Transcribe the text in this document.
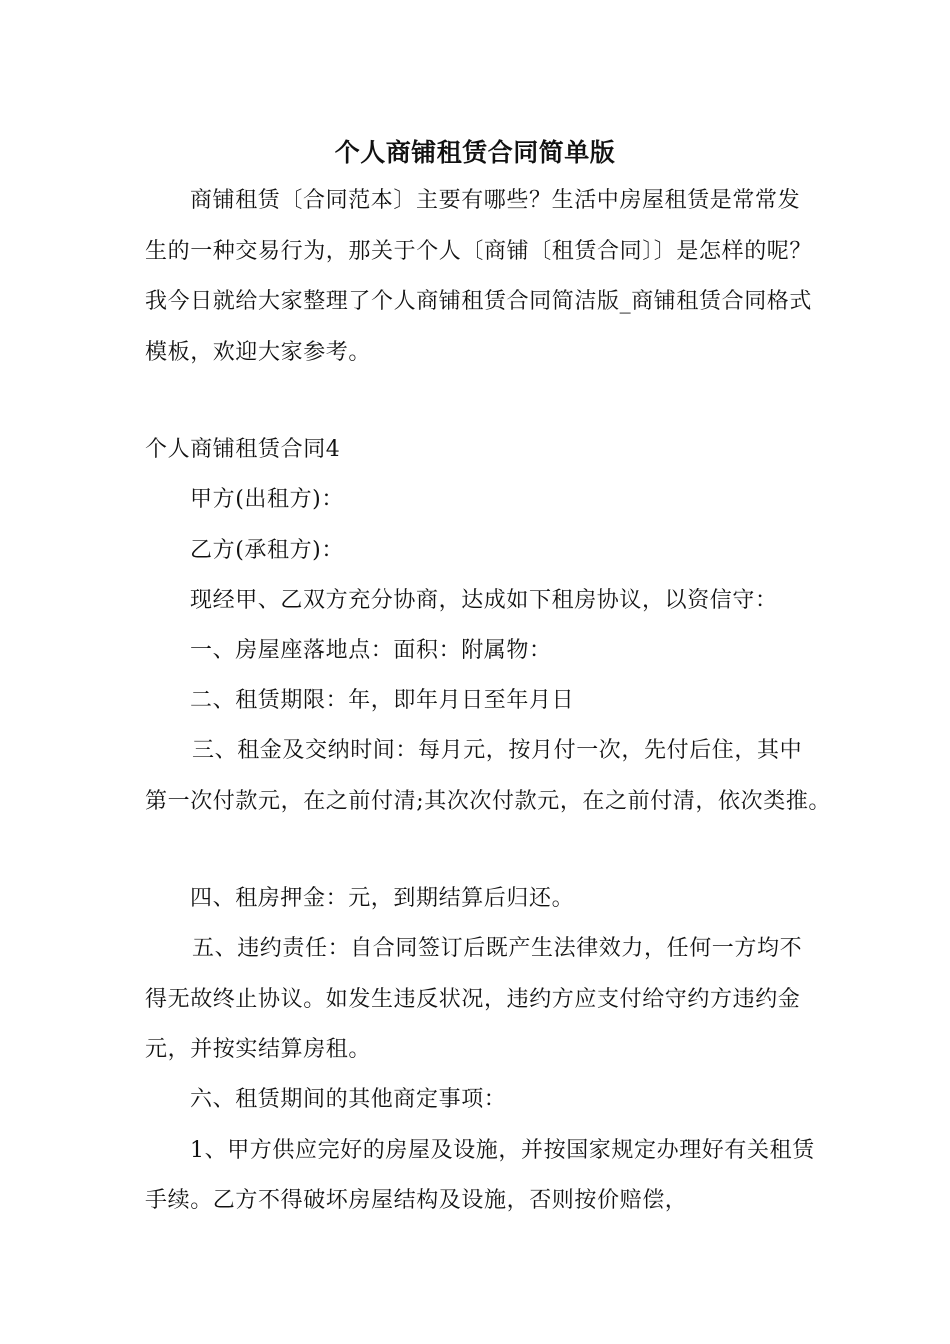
个人商铺租赁合同简单版
商铺租赁〔合同范本〕主要有哪些？生活中房屋租赁是常常发
生的一种交易行为，那关于个人〔商铺〔租赁合同〕〕是怎样的呢？
我今日就给大家整理了个人商铺租赁合同简洁版_商铺租赁合同格式
模板，欢迎大家参考。
个人商铺租赁合同4
甲方(出租方)：
乙方(承租方)：
现经甲、乙双方充分协商，达成如下租房协议，以资信守：
一、房屋座落地点：面积：附属物：
二、租赁期限：年，即年月日至年月日
三、租金及交纳时间：每月元，按月付一次，先付后住，其中
第一次付款元，在之前付清;其次次付款元，在之前付清，依次类推。
四、租房押金：元，到期结算后归还。
五、违约责任：自合同签订后既产生法律效力，任何一方均不
得无故终止协议。如发生违反状况，违约方应支付给守约方违约金
元，并按实结算房租。
六、租赁期间的其他商定事项：
1、甲方供应完好的房屋及设施，并按国家规定办理好有关租赁
手续。乙方不得破坏房屋结构及设施，否则按价赔偿，
